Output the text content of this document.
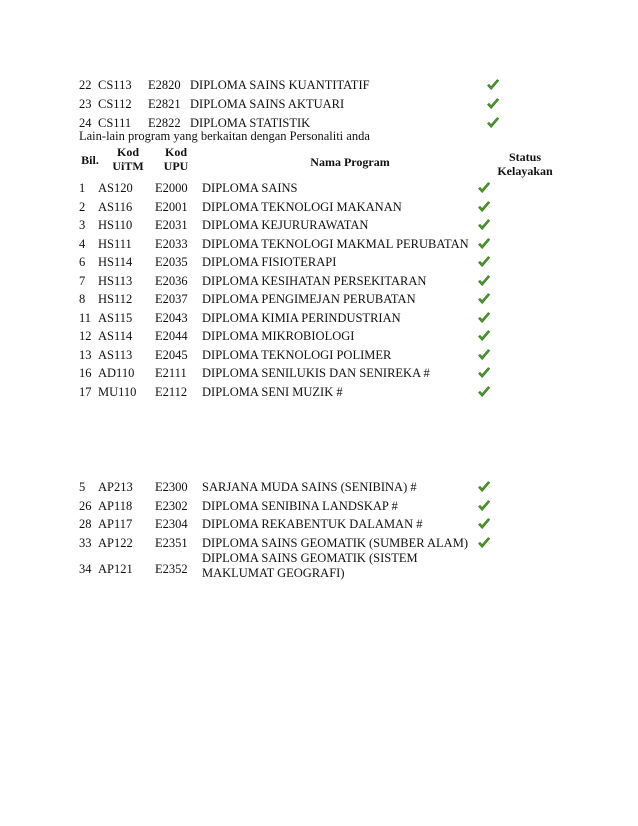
22 CS113 E2820 DIPLOMA SAINS KUANTITATIF
23 CS112 E2821 DIPLOMA SAINS AKTUARI
24 CS111 E2822 DIPLOMA STATISTIK
Lain-lain program yang berkaitan dengan Personaliti anda
Bil.
Kod
UiTM
Kod
UPU	Nama Program	Status
Kelayakan
1 AS120 E2000 DIPLOMA SAINS
2 AS116 E2001 DIPLOMA TEKNOLOGI MAKANAN
3 HS110 E2031 DIPLOMA KEJURURAWATAN
4 HS111 E2033 DIPLOMA TEKNOLOGI MAKMAL PERUBATAN
6 HS114 E2035 DIPLOMA FISIOTERAPI
7 HS113 E2036 DIPLOMA KESIHATAN PERSEKITARAN
8 HS112 E2037 DIPLOMA PENGIMEJAN PERUBATAN
11 AS115 E2043 DIPLOMA KIMIA PERINDUSTRIAN
12 AS114 E2044 DIPLOMA MIKROBIOLOGI
13 AS113 E2045 DIPLOMA TEKNOLOGI POLIMER
16 AD110 E2111 DIPLOMA SENILUKIS DAN SENIREKA #
17 MU110 E2112 DIPLOMA SENI MUZIK #
5 AP213 E2300 SARJANA MUDA SAINS (SENIBINA) #
26 AP118 E2302 DIPLOMA SENIBINA LANDSKAP #
28 AP117 E2304 DIPLOMA REKABENTUK DALAMAN #
33 AP122 E2351 DIPLOMA SAINS GEOMATIK (SUMBER ALAM)
34 AP121 E2352
DIPLOMA SAINS GEOMATIK (SISTEM MAKLUMAT GEOGRAFI)
